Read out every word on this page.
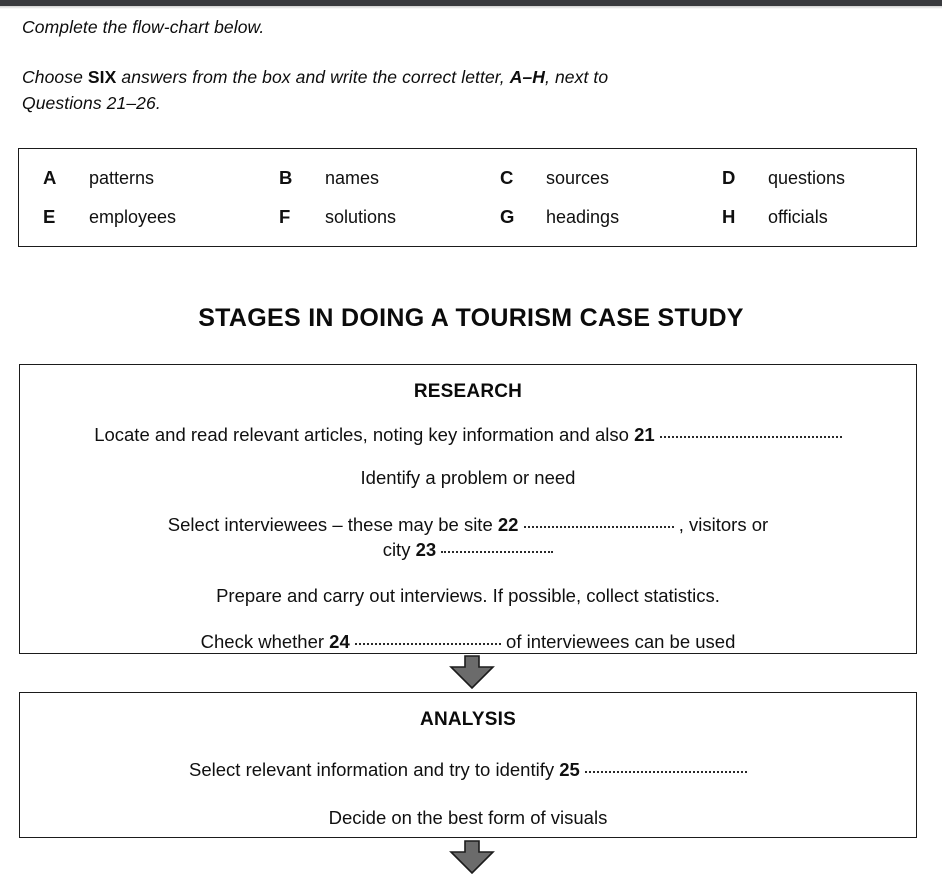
Complete the flow-chart below.
Choose SIX answers from the box and write the correct letter, A–H, next to
Questions 21–26.
A	patterns	B	names	C	sources	D	questions
E	employees	F	solutions	G	headings	H	officials
STAGES IN DOING A TOURISM CASE STUDY
RESEARCH
Locate and read relevant articles, noting key information and also 21
Identify a problem or need
Select interviewees – these may be site 22	, visitors or
city 23
Prepare and carry out interviews. If possible, collect statistics.
Check whether 24	of interviewees can be used
ANALYSIS
Select relevant information and try to identify 25
Decide on the best form of visuals
